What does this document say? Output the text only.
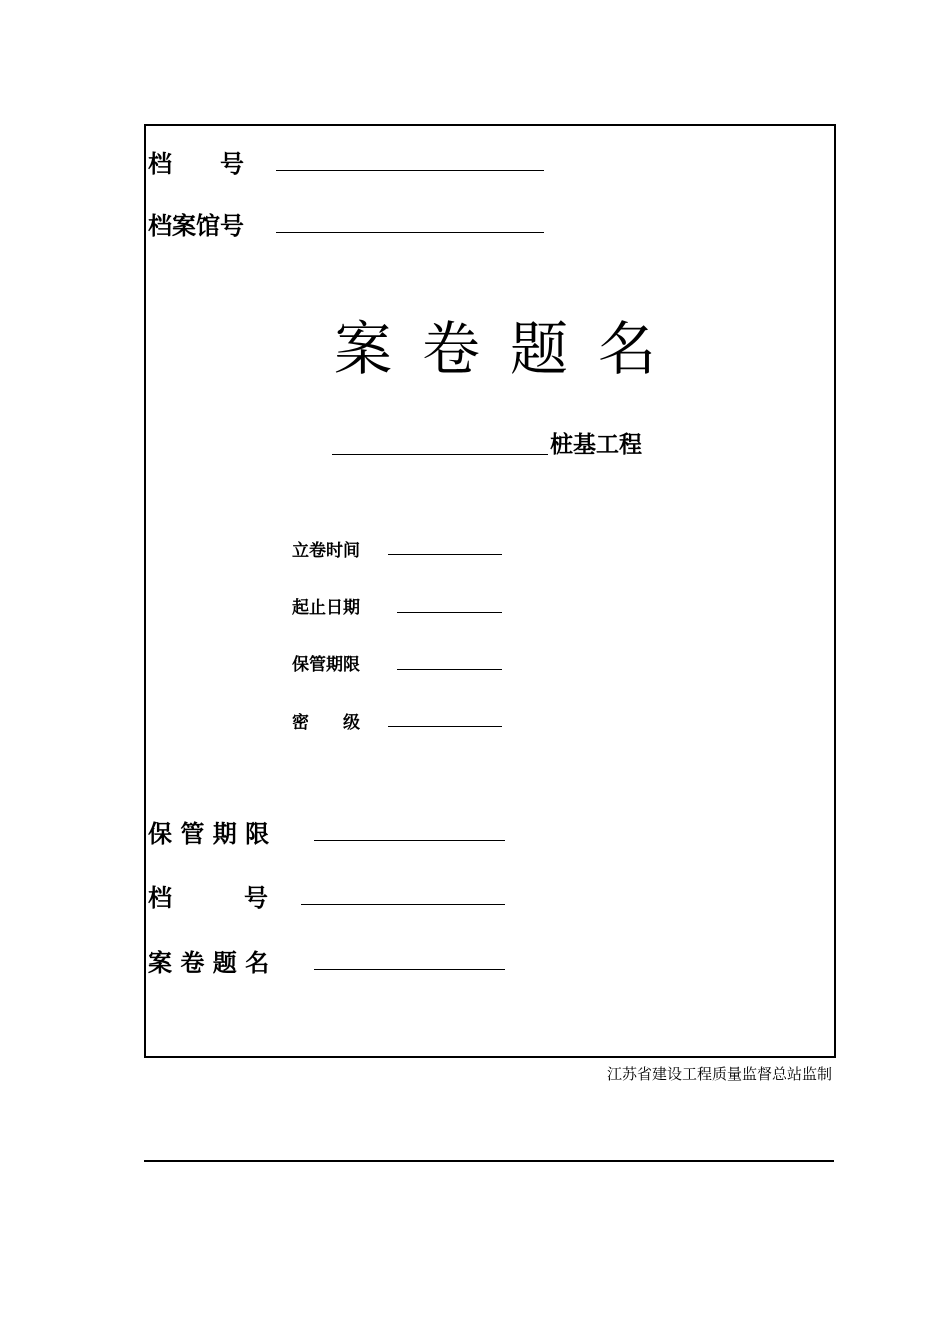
档　　号
档案馆号
案卷题名
桩基工程
立卷时间
起止日期
保管期限
密　　级
保 管 期 限
档　　　号
案 卷 题 名
江苏省建设工程质量监督总站监制
